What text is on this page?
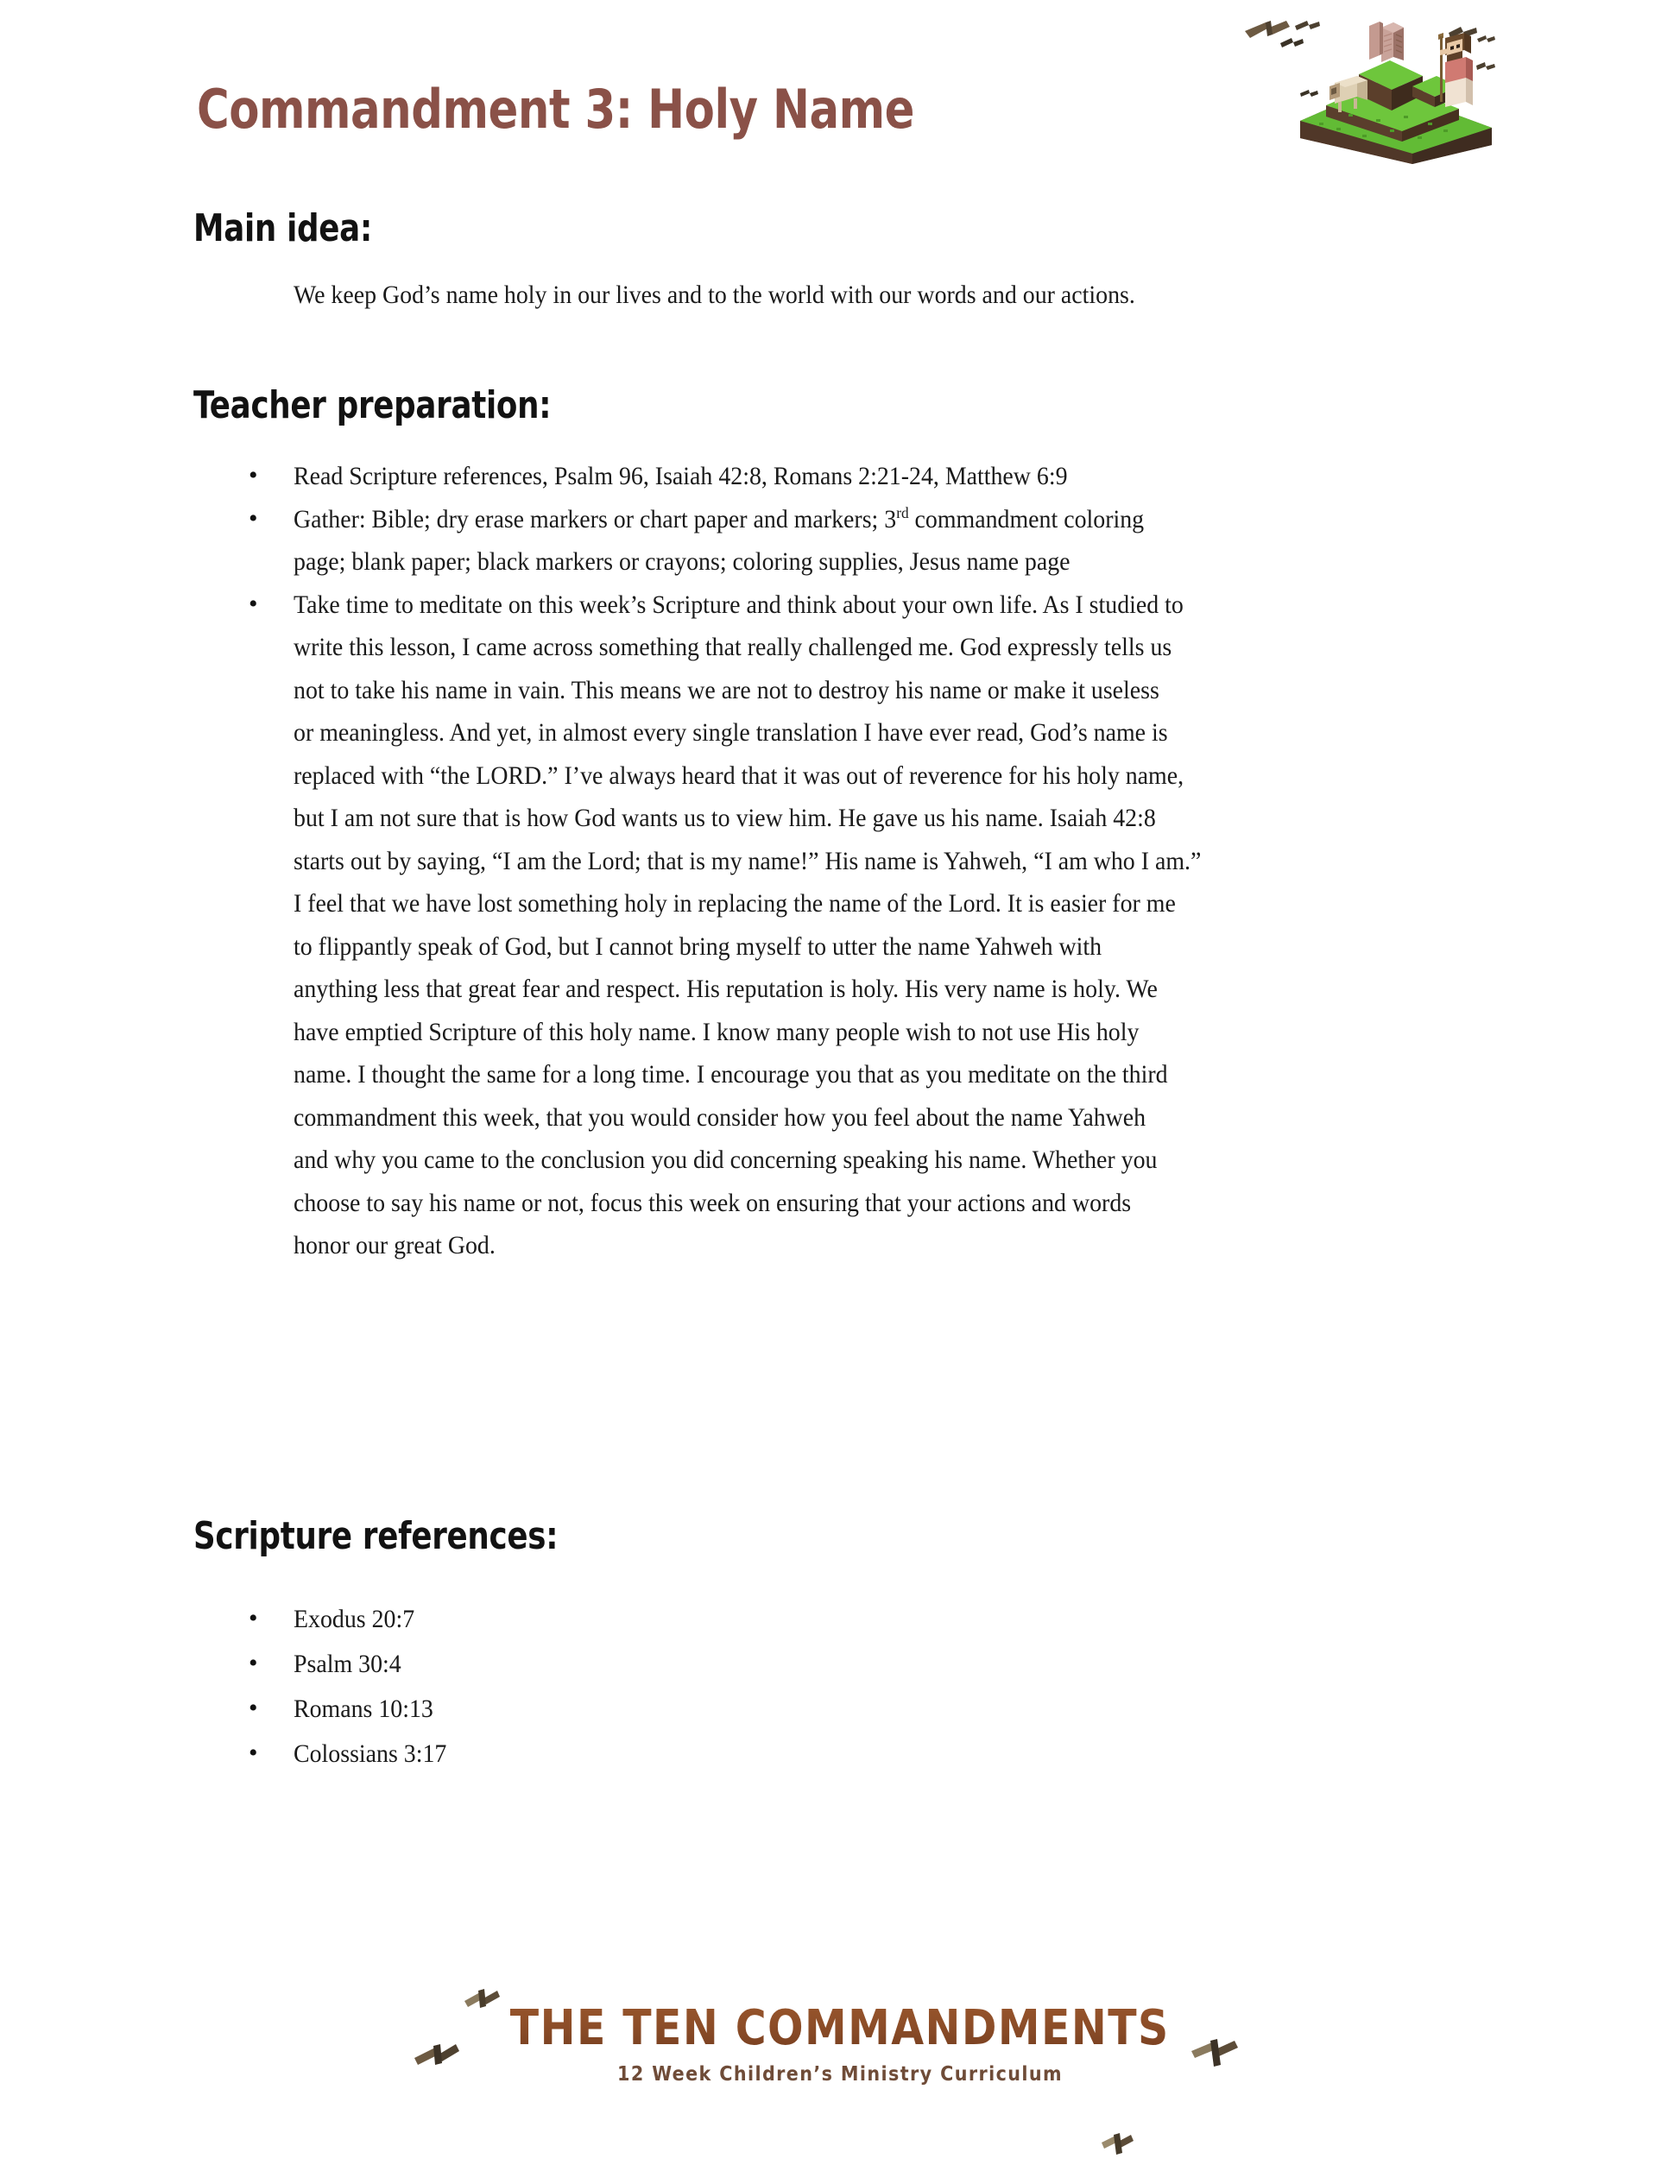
Commandment 3: Holy Name
Main idea:
We keep God’s name holy in our lives and to the world with our words and our actions.
Teacher preparation:
• Read Scripture references, Psalm 96, Isaiah 42:8, Romans 2:21-24, Matthew 6:9
• Gather: Bible; dry erase markers or chart paper and markers; 3rd commandment coloring
page; blank paper; black markers or crayons; coloring supplies, Jesus name page
• Take time to meditate on this week’s Scripture and think about your own life. As I studied to
write this lesson, I came across something that really challenged me. God expressly tells us
not to take his name in vain. This means we are not to destroy his name or make it useless
or meaningless. And yet, in almost every single translation I have ever read, God’s name is
replaced with “the LORD.” I’ve always heard that it was out of reverence for his holy name,
but I am not sure that is how God wants us to view him. He gave us his name. Isaiah 42:8
starts out by saying, “I am the Lord; that is my name!” His name is Yahweh, “I am who I am.”
I feel that we have lost something holy in replacing the name of the Lord. It is easier for me
to flippantly speak of God, but I cannot bring myself to utter the name Yahweh with
anything less that great fear and respect. His reputation is holy. His very name is holy. We
have emptied Scripture of this holy name. I know many people wish to not use His holy
name. I thought the same for a long time. I encourage you that as you meditate on the third
commandment this week, that you would consider how you feel about the name Yahweh
and why you came to the conclusion you did concerning speaking his name. Whether you
choose to say his name or not, focus this week on ensuring that your actions and words
honor our great God.
Scripture references:
• Exodus 20:7
• Psalm 30:4
• Romans 10:13
• Colossians 3:17
THE TEN COMMANDMENTS
12 Week Children’s Ministry Curriculum
